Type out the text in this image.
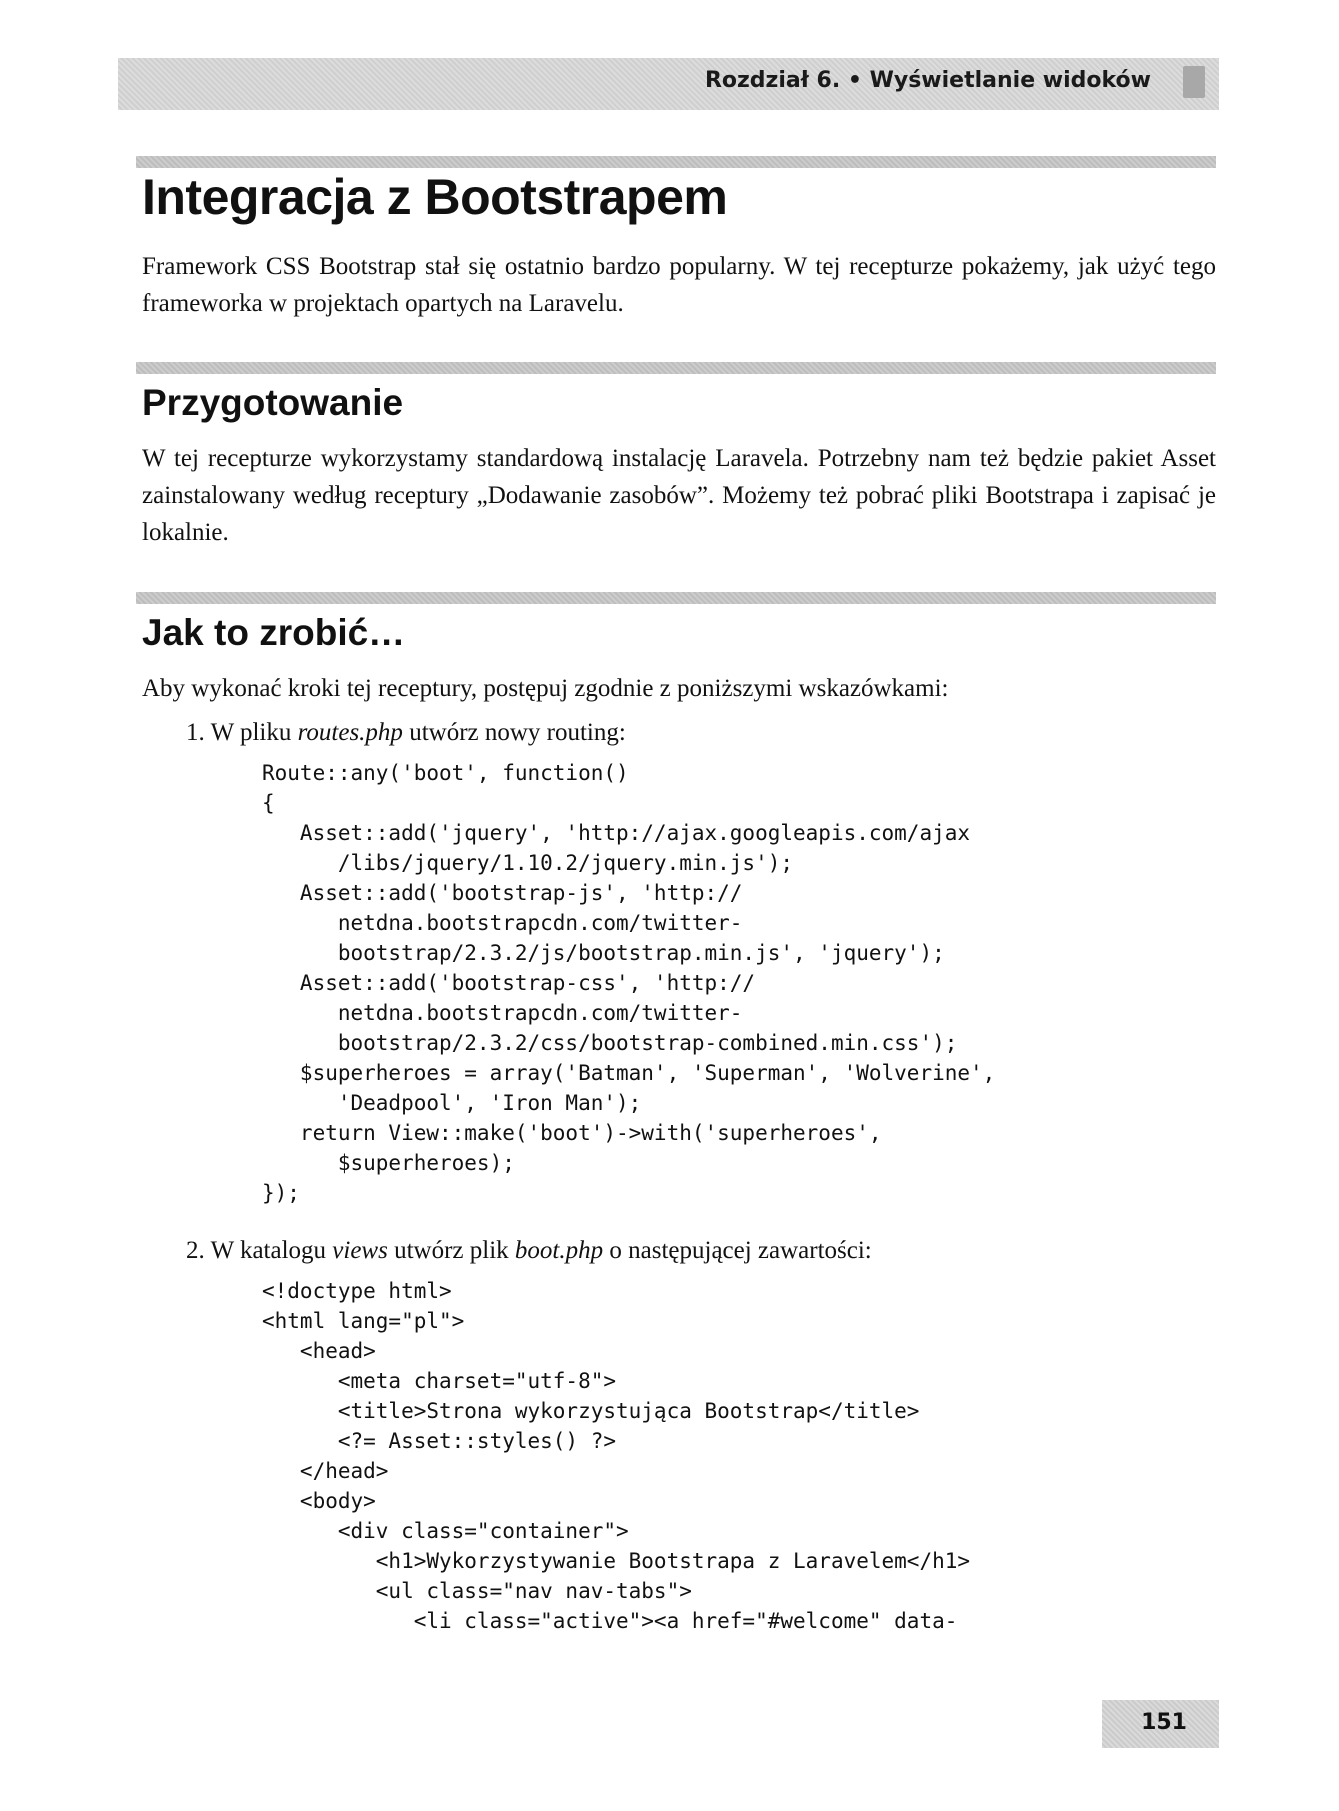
Rozdział 6. • Wyświetlanie widoków
Integracja z Bootstrapem

Framework CSS Bootstrap stał się ostatnio bardzo popularny. W tej recepturze pokażemy, jak użyć tego frameworka w projektach opartych na Laravelu.

Przygotowanie

W tej recepturze wykorzystamy standardową instalację Laravela. Potrzebny nam też będzie pakiet Asset zainstalowany według receptury „Dodawanie zasobów”. Możemy też pobrać pliki Bootstrapa i zapisać je lokalnie.

Jak to zrobić…

Aby wykonać kroki tej receptury, postępuj zgodnie z poniższymi wskazówkami:

1. W pliku routes.php utwórz nowy routing:
Route::any('boot', function()
{
Asset::add('jquery', 'http://ajax.googleapis.com/ajax
/libs/jquery/1.10.2/jquery.min.js');
Asset::add('bootstrap-js', 'http://
netdna.bootstrapcdn.com/twitter-
bootstrap/2.3.2/js/bootstrap.min.js', 'jquery');
Asset::add('bootstrap-css', 'http://
netdna.bootstrapcdn.com/twitter-
bootstrap/2.3.2/css/bootstrap-combined.min.css');
$superheroes = array('Batman', 'Superman', 'Wolverine',
'Deadpool', 'Iron Man');
return View::make('boot')->with('superheroes',
$superheroes);
});
2. W katalogu views utwórz plik boot.php o następującej zawartości:
<!doctype html>
<html lang="pl">
<head>
<meta charset="utf-8">
<title>Strona wykorzystująca Bootstrap</title>
<?= Asset::styles() ?>
</head>
<body>
<div class="container">
<h1>Wykorzystywanie Bootstrapa z Laravelem</h1>
<ul class="nav nav-tabs">
<li class="active"><a href="#welcome" data-
151
